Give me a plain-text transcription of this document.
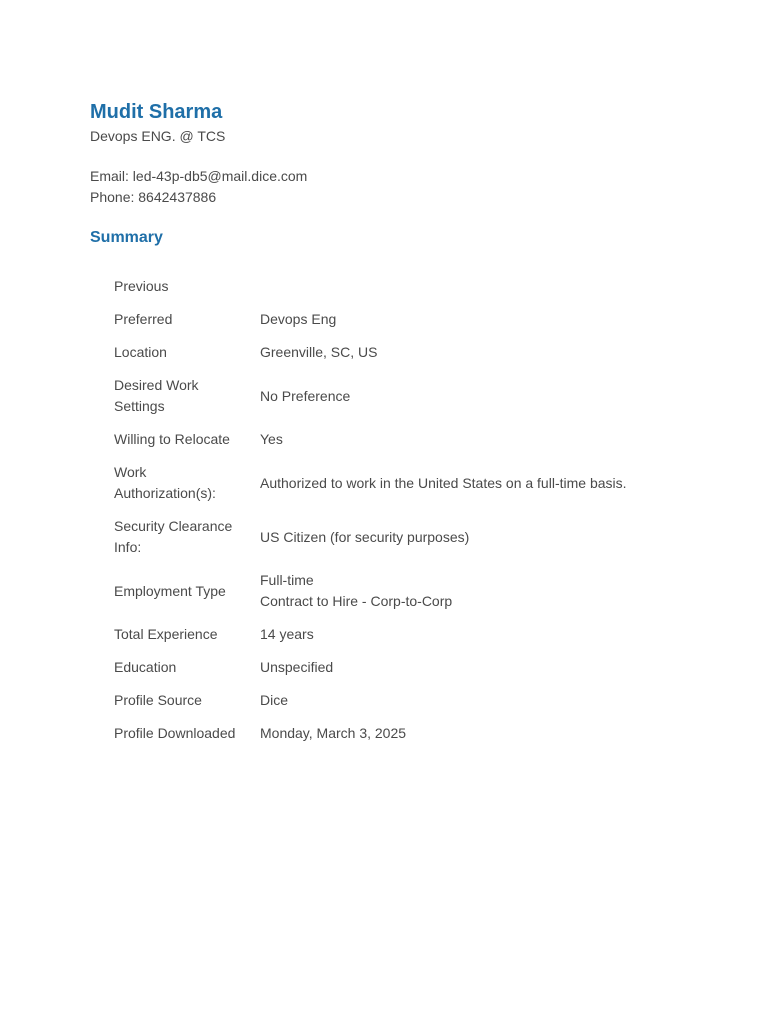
Mudit Sharma

Devops ENG. @ TCS

Email: led-43p-db5@mail.dice.com
Phone: 8642437886
Summary
Previous	
Preferred	Devops Eng
Location	Greenville, SC, US
Desired Work Settings	No Preference
Willing to Relocate	Yes
Work Authorization(s):	Authorized to work in the United States on a full-time basis.
Security Clearance Info:	US Citizen (for security purposes)
Employment Type	Full-time
Contract to Hire - Corp-to-Corp

Total Experience	14 years
Education	Unspecified
Profile Source	Dice
Profile Downloaded	Monday, March 3, 2025
